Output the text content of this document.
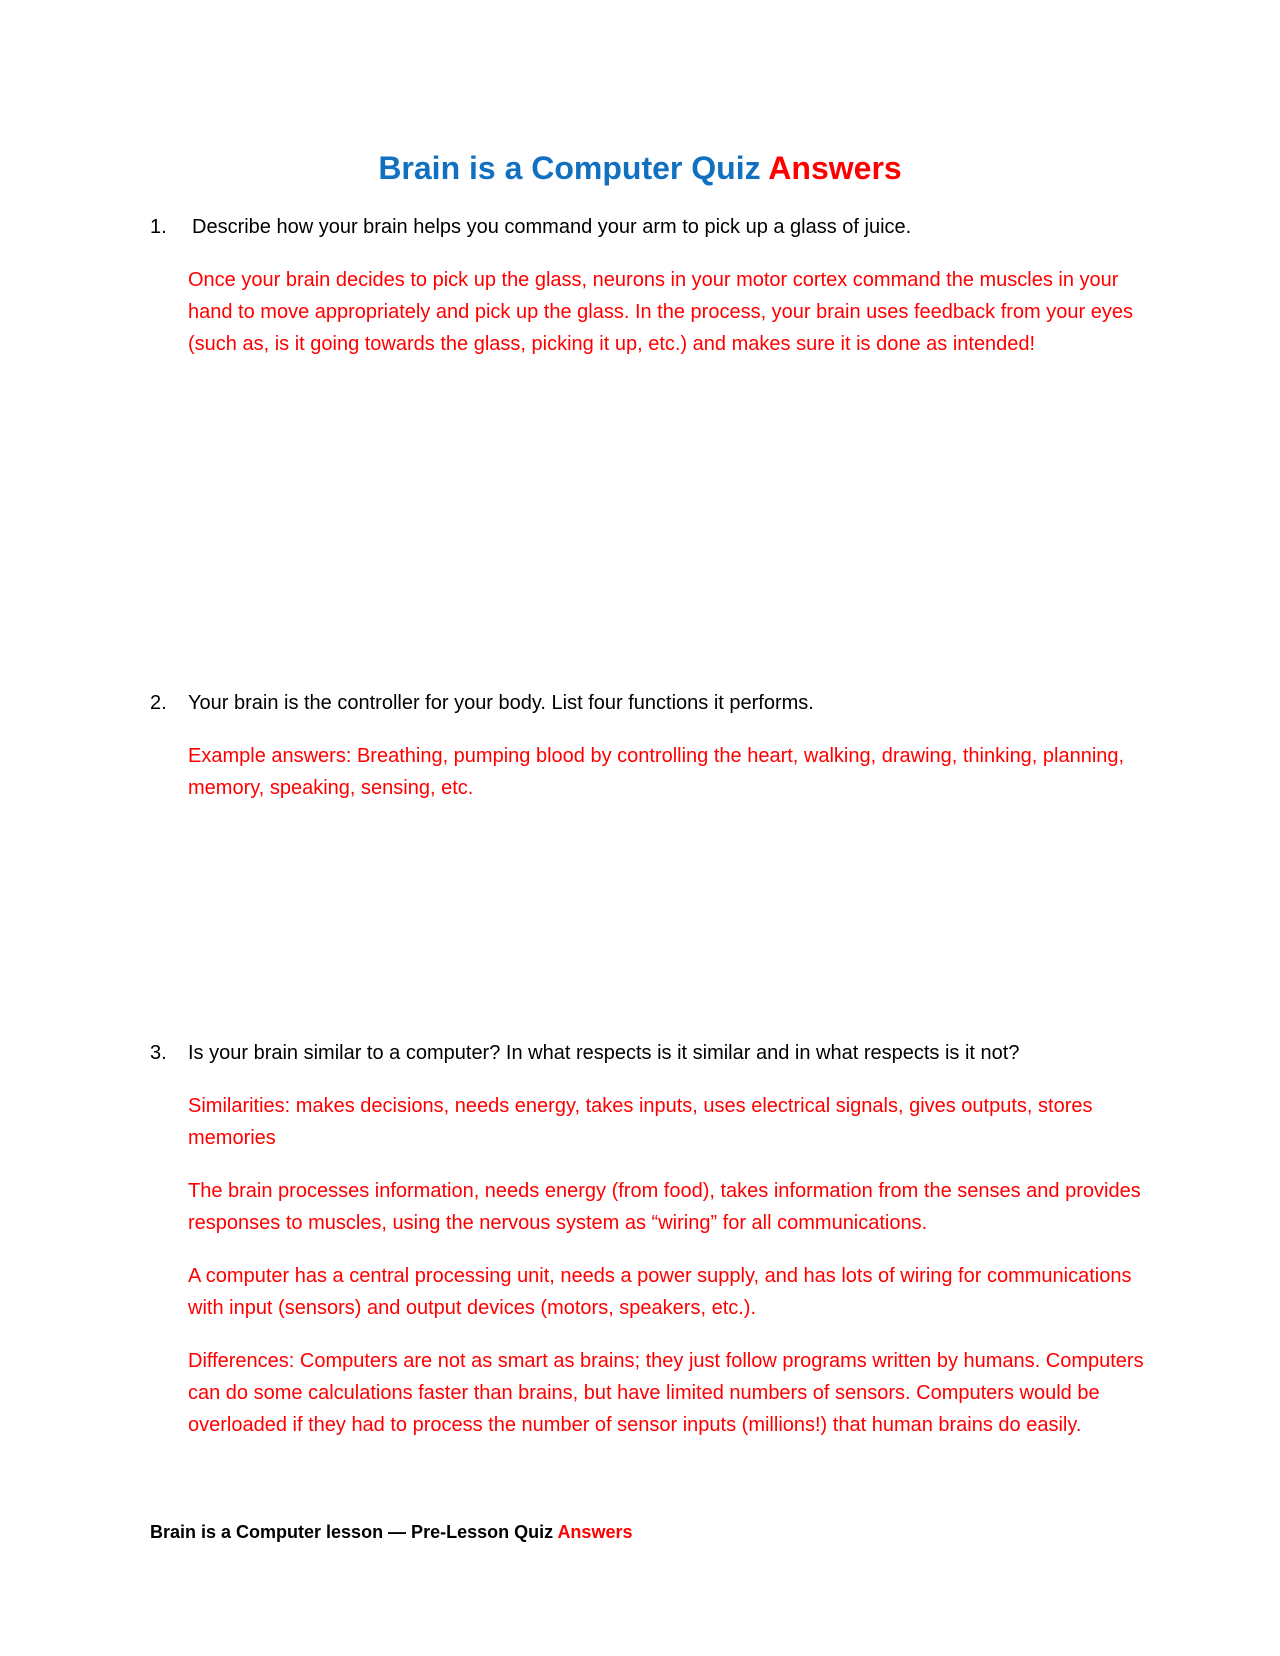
Brain is a Computer Quiz Answers
1. Describe how your brain helps you command your arm to pick up a glass of juice.
Once your brain decides to pick up the glass, neurons in your motor cortex command the muscles in your hand to move appropriately and pick up the glass. In the process, your brain uses feedback from your eyes (such as, is it going towards the glass, picking it up, etc.) and makes sure it is done as intended!
2. Your brain is the controller for your body. List four functions it performs.
Example answers: Breathing, pumping blood by controlling the heart, walking, drawing, thinking, planning, memory, speaking, sensing, etc.
3. Is your brain similar to a computer? In what respects is it similar and in what respects is it not?
Similarities: makes decisions, needs energy, takes inputs, uses electrical signals, gives outputs, stores memories
The brain processes information, needs energy (from food), takes information from the senses and provides responses to muscles, using the nervous system as “wiring” for all communications.
A computer has a central processing unit, needs a power supply, and has lots of wiring for communications with input (sensors) and output devices (motors, speakers, etc.).
Differences: Computers are not as smart as brains; they just follow programs written by humans. Computers can do some calculations faster than brains, but have limited numbers of sensors. Computers would be overloaded if they had to process the number of sensor inputs (millions!) that human brains do easily.
Brain is a Computer lesson — Pre-Lesson Quiz Answers
